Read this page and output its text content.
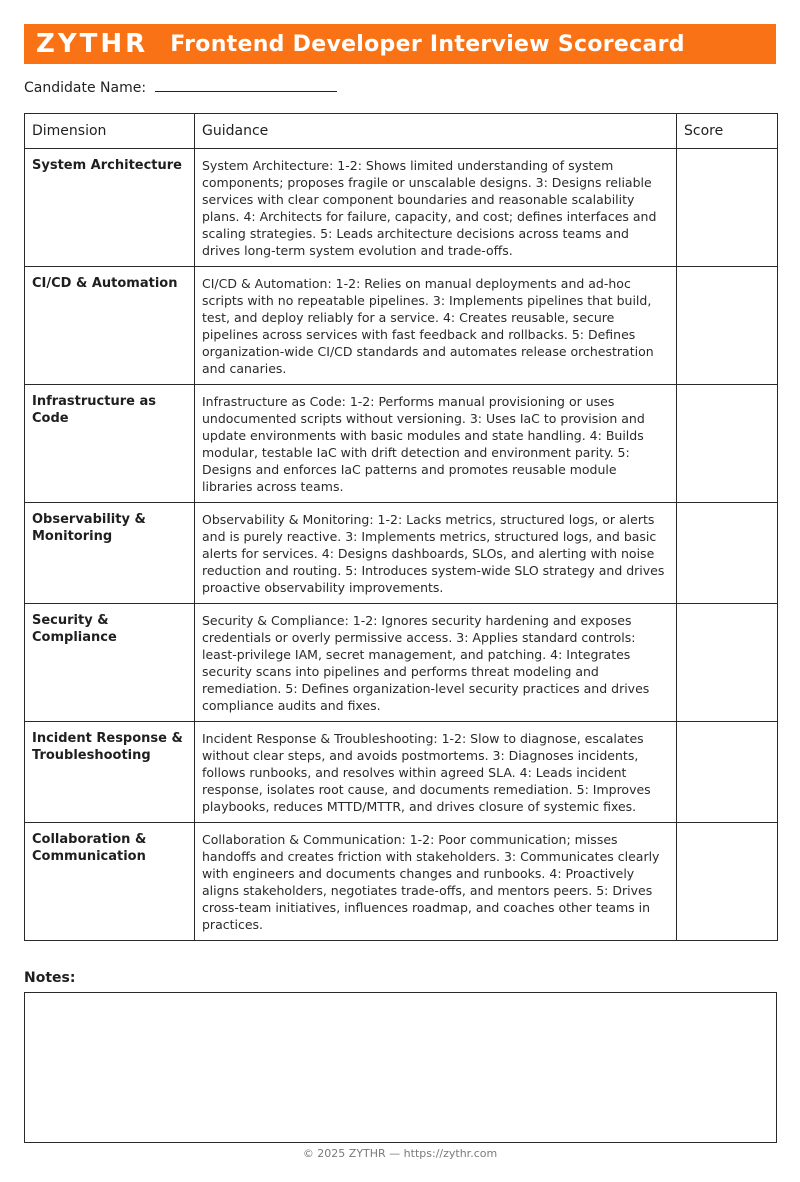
ZYTHR Frontend Developer Interview Scorecard
Candidate Name:
Dimension	Guidance	Score
System Architecture	System Architecture: 1-2: Shows limited understanding of system components; proposes fragile or unscalable designs. 3: Designs reliable services with clear component boundaries and reasonable scalability plans. 4: Architects for failure, capacity, and cost; defines interfaces and scaling strategies. 5: Leads architecture decisions across teams and drives long-term system evolution and trade-offs.	
CI/CD & Automation	CI/CD & Automation: 1-2: Relies on manual deployments and ad-hoc scripts with no repeatable pipelines. 3: Implements pipelines that build, test, and deploy reliably for a service. 4: Creates reusable, secure pipelines across services with fast feedback and rollbacks. 5: Defines organization-wide CI/CD standards and automates release orchestration and canaries.	
Infrastructure as Code	Infrastructure as Code: 1-2: Performs manual provisioning or uses undocumented scripts without versioning. 3: Uses IaC to provision and update environments with basic modules and state handling. 4: Builds modular, testable IaC with drift detection and environment parity. 5: Designs and enforces IaC patterns and promotes reusable module libraries across teams.	
Observability & Monitoring	Observability & Monitoring: 1-2: Lacks metrics, structured logs, or alerts and is purely reactive. 3: Implements metrics, structured logs, and basic alerts for services. 4: Designs dashboards, SLOs, and alerting with noise reduction and routing. 5: Introduces system-wide SLO strategy and drives proactive observability improvements.	
Security & Compliance	Security & Compliance: 1-2: Ignores security hardening and exposes credentials or overly permissive access. 3: Applies standard controls: least-privilege IAM, secret management, and patching. 4: Integrates security scans into pipelines and performs threat modeling and remediation. 5: Defines organization-level security practices and drives compliance audits and fixes.	
Incident Response & Troubleshooting	Incident Response & Troubleshooting: 1-2: Slow to diagnose, escalates without clear steps, and avoids postmortems. 3: Diagnoses incidents, follows runbooks, and resolves within agreed SLA. 4: Leads incident response, isolates root cause, and documents remediation. 5: Improves playbooks, reduces MTTD/MTTR, and drives closure of systemic fixes.	
Collaboration & Communication	Collaboration & Communication: 1-2: Poor communication; misses handoffs and creates friction with stakeholders. 3: Communicates clearly with engineers and documents changes and runbooks. 4: Proactively aligns stakeholders, negotiates trade-offs, and mentors peers. 5: Drives cross-team initiatives, influences roadmap, and coaches other teams in practices.	
Notes:
© 2025 ZYTHR — https://zythr.com
